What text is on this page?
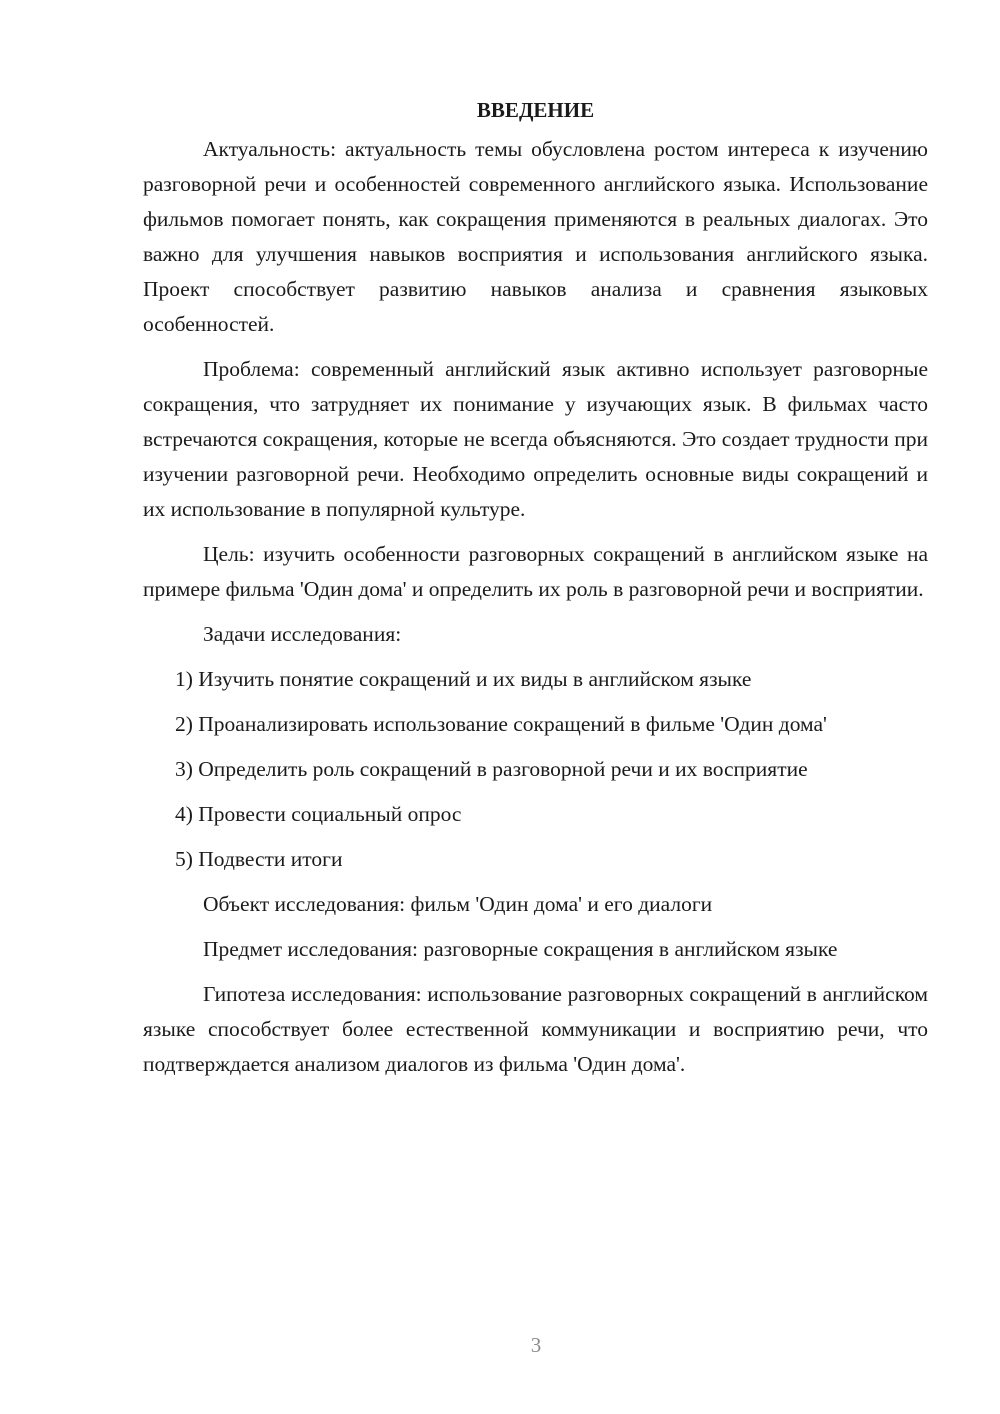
ВВЕДЕНИЕ

Актуальность: актуальность темы обусловлена ростом интереса к изучению разговорной речи и особенностей современного английского языка. Использование фильмов помогает понять, как сокращения применяются в реальных диалогах. Это важно для улучшения навыков восприятия и использования английского языка. Проект способствует развитию навыков анализа и сравнения языковых особенностей.

Проблема: современный английский язык активно использует разговорные сокращения, что затрудняет их понимание у изучающих язык. В фильмах часто встречаются сокращения, которые не всегда объясняются. Это создает трудности при изучении разговорной речи. Необходимо определить основные виды сокращений и их использование в популярной культуре.

Цель: изучить особенности разговорных сокращений в английском языке на примере фильма 'Один дома' и определить их роль в разговорной речи и восприятии.

Задачи исследования:

1) Изучить понятие сокращений и их виды в английском языке

2) Проанализировать использование сокращений в фильме 'Один дома'

3) Определить роль сокращений в разговорной речи и их восприятие

4) Провести социальный опрос

5) Подвести итоги

Объект исследования: фильм 'Один дома' и его диалоги

Предмет исследования: разговорные сокращения в английском языке

Гипотеза исследования: использование разговорных сокращений в английском языке способствует более естественной коммуникации и восприятию речи, что подтверждается анализом диалогов из фильма 'Один дома'.

3
